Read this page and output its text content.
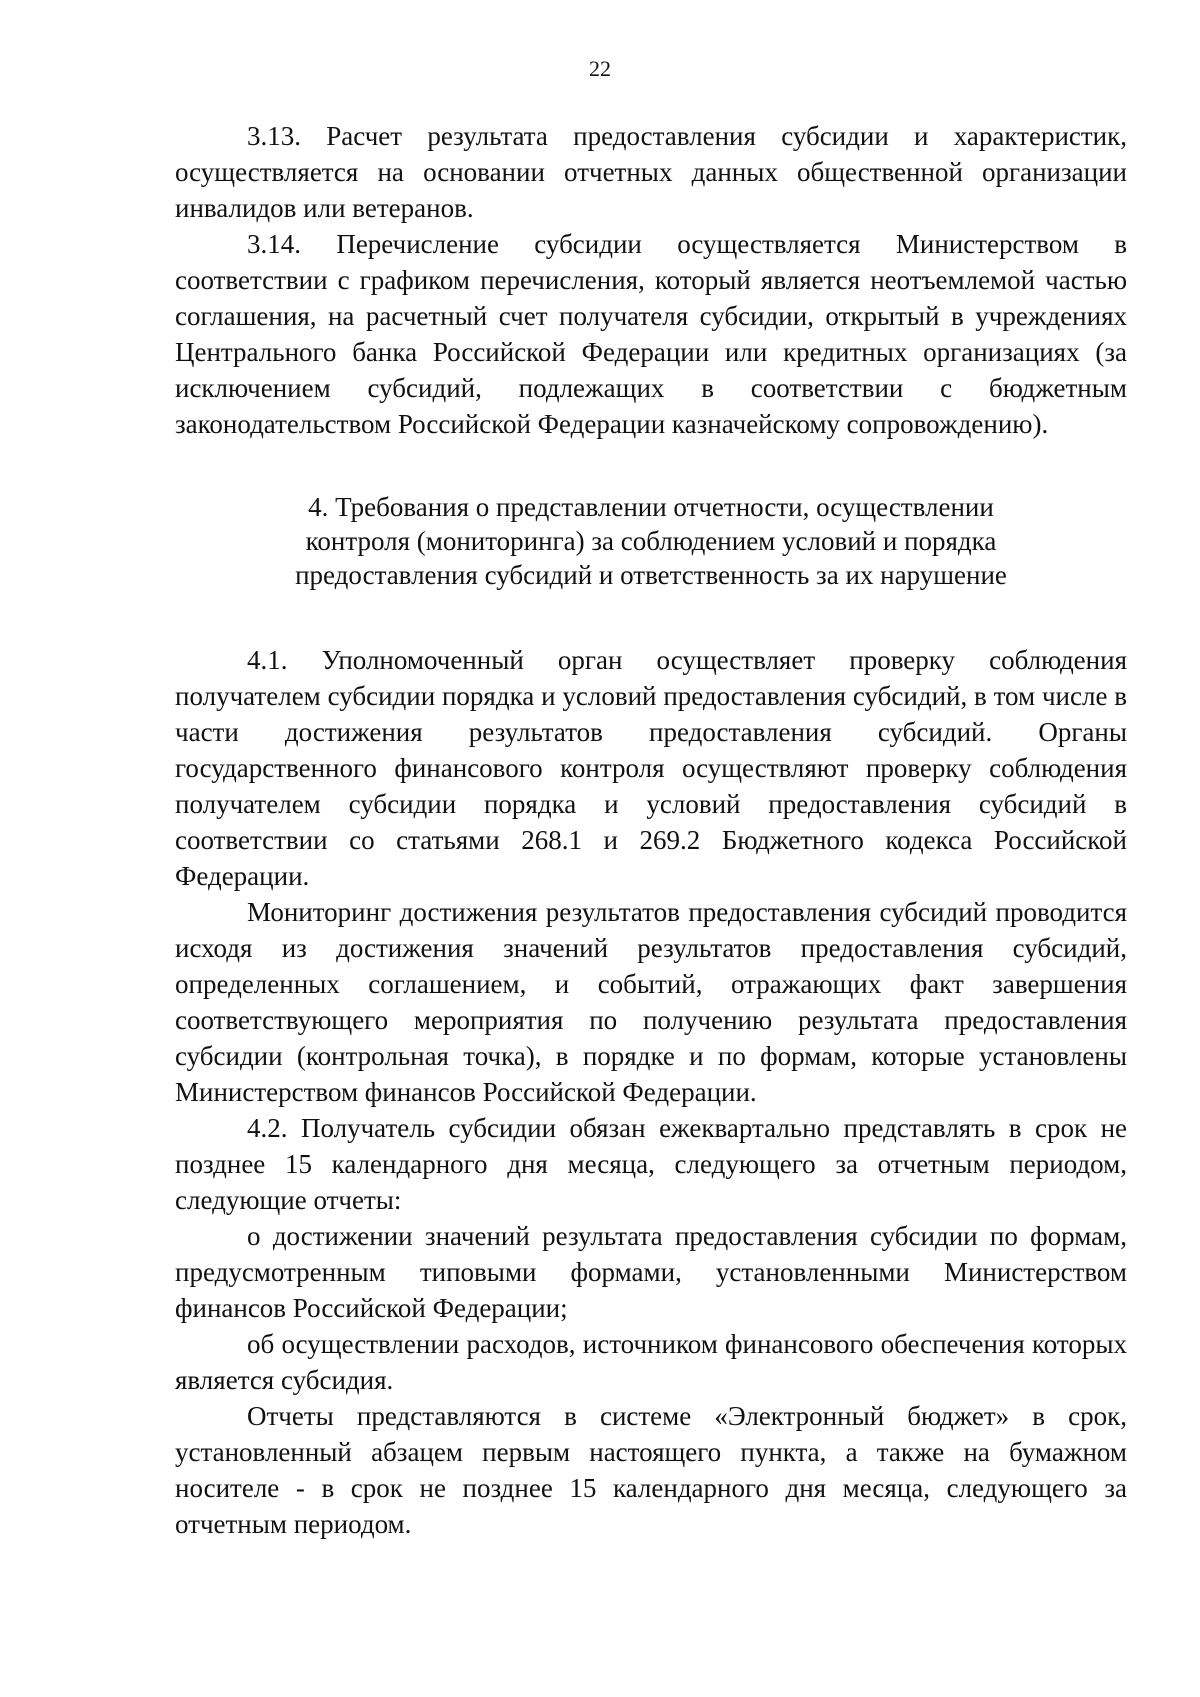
22

3.13. Расчет результата предоставления субсидии и характеристик, осуществляется на основании отчетных данных общественной организации инвалидов или ветеранов.

3.14. Перечисление субсидии осуществляется Министерством в соответствии с графиком перечисления, который является неотъемлемой частью соглашения, на расчетный счет получателя субсидии, открытый в учреждениях Центрального банка Российской Федерации или кредитных организациях (за исключением субсидий, подлежащих в соответствии с бюджетным законодательством Российской Федерации казначейскому сопровождению).

4. Требования о представлении отчетности, осуществлении контроля (мониторинга) за соблюдением условий и порядка предоставления субсидий и ответственность за их нарушение

4.1. Уполномоченный орган осуществляет проверку соблюдения получателем субсидии порядка и условий предоставления субсидий, в том числе в части достижения результатов предоставления субсидий. Органы государственного финансового контроля осуществляют проверку соблюдения получателем субсидии порядка и условий предоставления субсидий в соответствии со статьями 268.1 и 269.2 Бюджетного кодекса Российской Федерации.

Мониторинг достижения результатов предоставления субсидий проводится исходя из достижения значений результатов предоставления субсидий, определенных соглашением, и событий, отражающих факт завершения соответствующего мероприятия по получению результата предоставления субсидии (контрольная точка), в порядке и по формам, которые установлены Министерством финансов Российской Федерации.

4.2. Получатель субсидии обязан ежеквартально представлять в срок не позднее 15 календарного дня месяца, следующего за отчетным периодом, следующие отчеты:

о достижении значений результата предоставления субсидии по формам, предусмотренным типовыми формами, установленными Министерством финансов Российской Федерации;

об осуществлении расходов, источником финансового обеспечения которых является субсидия.

Отчеты представляются в системе «Электронный бюджет» в срок, установленный абзацем первым настоящего пункта, а также на бумажном носителе - в срок не позднее 15 календарного дня месяца, следующего за отчетным периодом.
